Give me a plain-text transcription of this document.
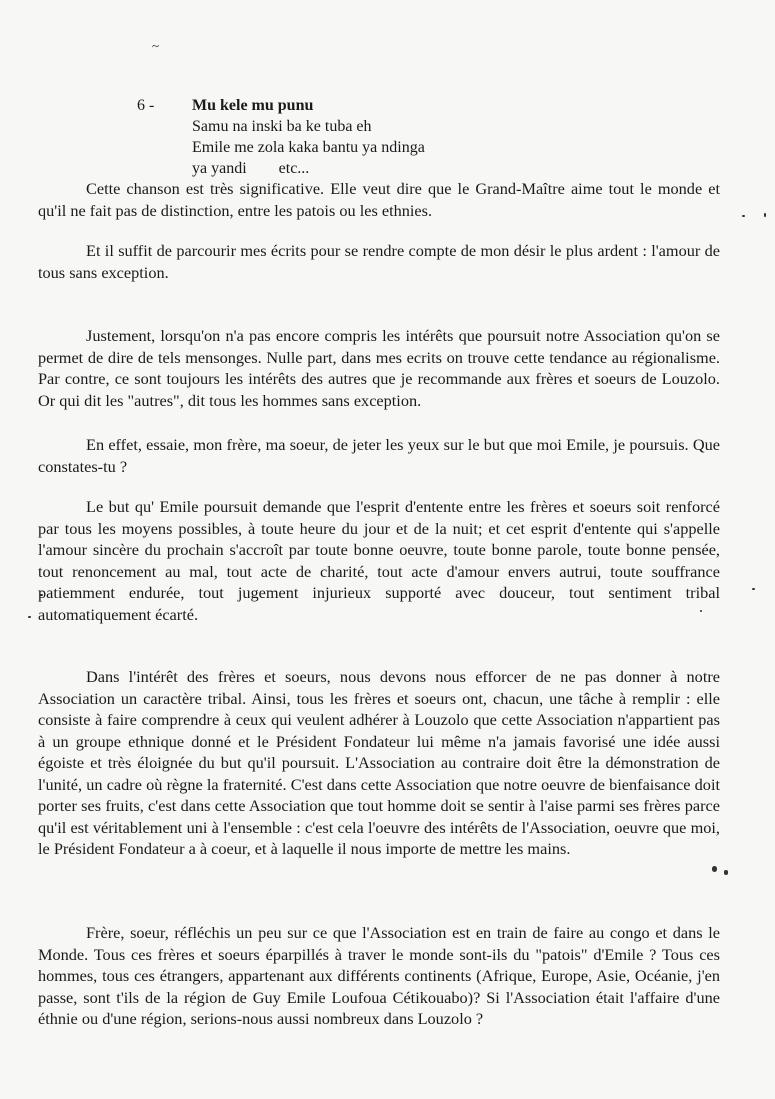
~
6 -	Mu kele mu punu
Samu na inski ba ke tuba eh
Emile me zola kaka bantu ya ndinga
ya yandi        etc...

Cette chanson est très significative. Elle veut dire que le Grand-Maître aime tout le monde et qu'il ne fait pas de distinction, entre les patois ou les ethnies.

Et il suffit de parcourir mes écrits pour se rendre compte de mon désir le plus ardent : l'amour de tous sans exception.

Justement, lorsqu'on n'a pas encore compris les intérêts que poursuit notre Association qu'on se permet de dire de tels mensonges. Nulle part, dans mes ecrits on trouve cette tendance au régionalisme. Par contre, ce sont toujours les intérêts des autres que je recommande aux frères et soeurs de Louzolo. Or qui dit les "autres", dit tous les hommes sans exception.

En effet, essaie, mon frère, ma soeur, de jeter les yeux sur le but que moi Emile, je poursuis. Que constates-tu ?

Le but qu' Emile poursuit demande que l'esprit d'entente entre les frères et soeurs soit renforcé par tous les moyens possibles, à toute heure du jour et de la nuit; et cet esprit d'entente qui s'appelle l'amour sincère du prochain s'accroît par toute bonne oeuvre, toute bonne parole, toute bonne pensée, tout renoncement au mal, tout acte de charité, tout acte d'amour envers autrui, toute souffrance patiemment endurée, tout jugement injurieux supporté avec douceur, tout sentiment tribal automatiquement écarté.

Dans l'intérêt des frères et soeurs, nous devons nous efforcer de ne pas donner à notre Association un caractère tribal. Ainsi, tous les frères et soeurs ont, chacun, une tâche à remplir : elle consiste à faire comprendre à ceux qui veulent adhérer à Louzolo que cette Association n'appartient pas à un groupe ethnique donné et le Président Fondateur lui même n'a jamais favorisé une idée aussi égoiste et très éloignée du but qu'il poursuit. L'Association au contraire doit être la démonstration de l'unité, un cadre où règne la fraternité. C'est dans cette Association que notre oeuvre de bienfaisance doit porter ses fruits, c'est dans cette Association que tout homme doit se sentir à l'aise parmi ses frères parce qu'il est véritablement uni à l'ensemble : c'est cela l'oeuvre des intérêts de l'Association, oeuvre que moi, le Président Fondateur a à coeur, et à laquelle il nous importe de mettre les mains.

Frère, soeur, réfléchis un peu sur ce que l'Association est en train de faire au congo et dans le Monde. Tous ces frères et soeurs éparpillés à traver le monde sont-ils du "patois" d'Emile ? Tous ces hommes, tous ces étrangers, appartenant aux différents continents (Afrique, Europe, Asie, Océanie, j'en passe, sont t'ils de la région de Guy Emile Loufoua Cétikouabo)? Si l'Association était l'affaire d'une éthnie ou d'une région, serions-nous aussi nombreux dans Louzolo ?
